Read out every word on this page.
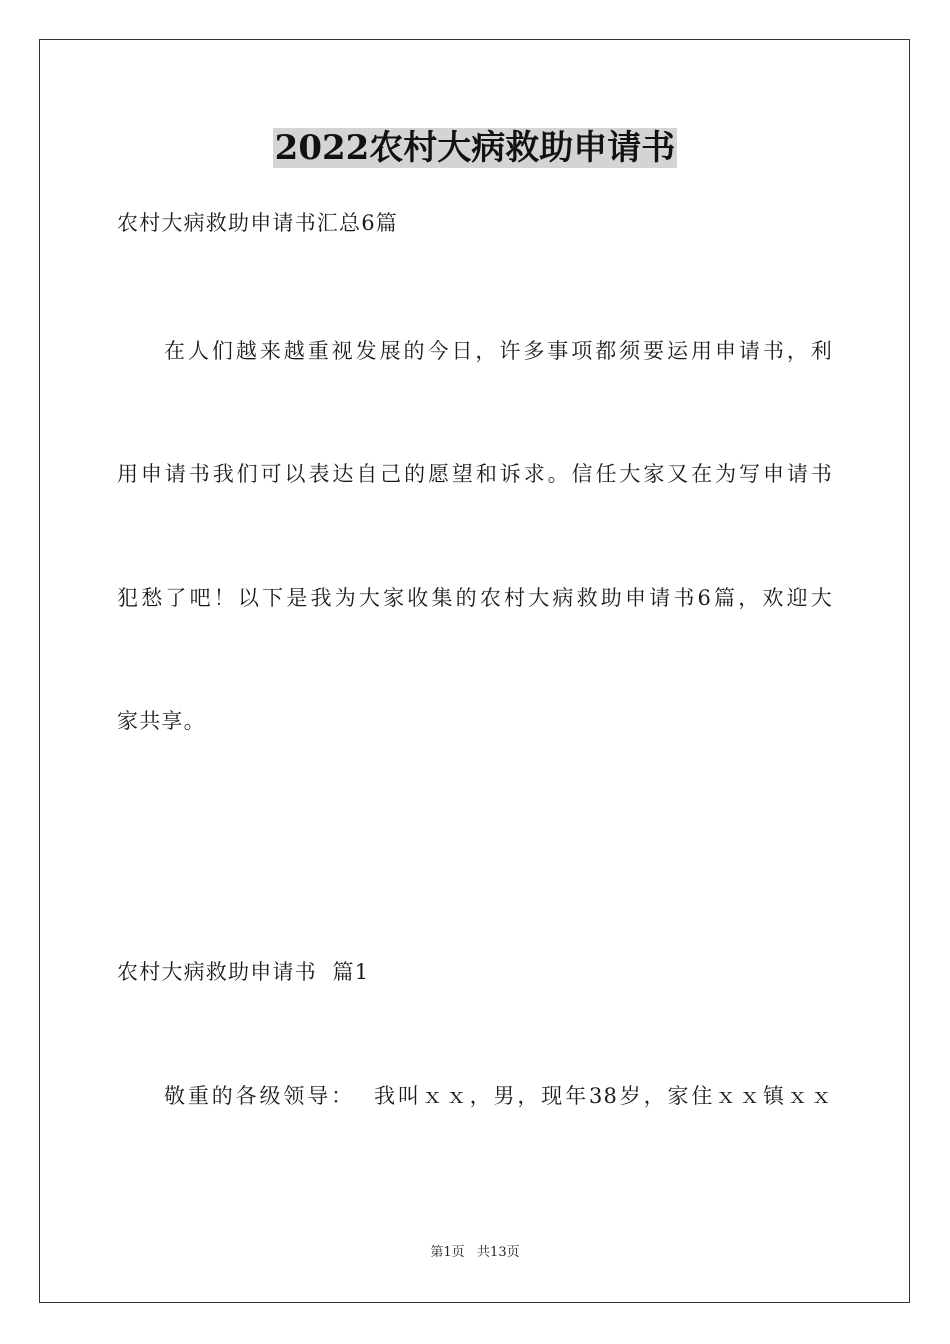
2022农村大病救助申请书
农村大病救助申请书汇总6篇
在人们越来越重视发展的今日，许多事项都须要运用申请书，利
用申请书我们可以表达自己的愿望和诉求。信任大家又在为写申请书
犯愁了吧！以下是我为大家收集的农村大病救助申请书6篇，欢迎大
家共享。
农村大病救助申请书  篇1
敬重的各级领导：  我叫ｘｘ，男，现年38岁，家住ｘｘ镇ｘｘ
第1页   共13页
